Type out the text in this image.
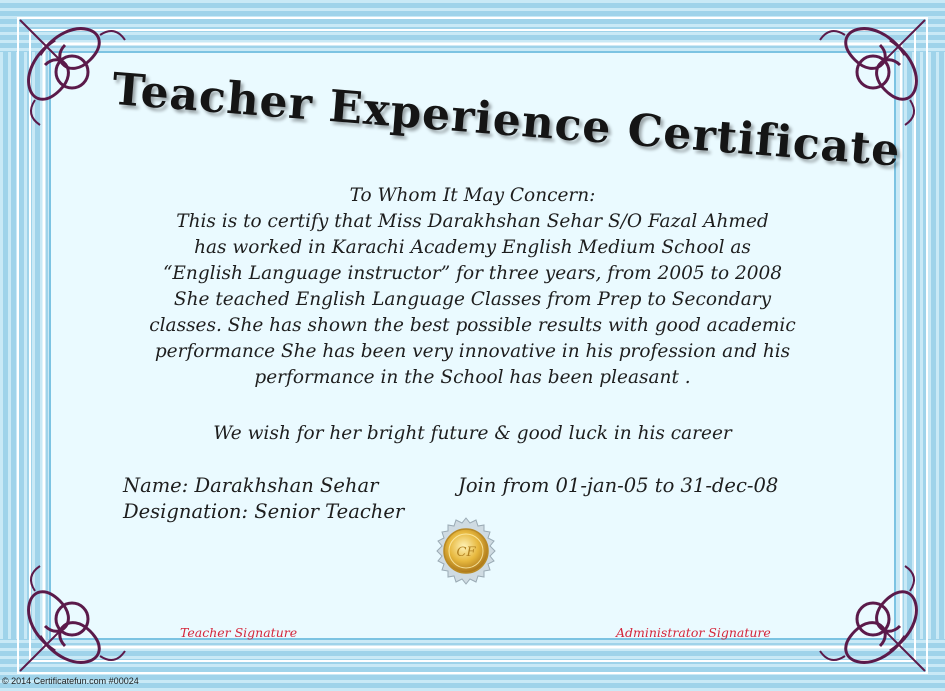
Teacher Experience Certificate
To Whom It May Concern:
This is to certify that Miss Darakhshan Sehar S/O Fazal Ahmed
has worked in Karachi Academy English Medium School as
“English Language instructor” for three years, from 2005 to 2008
She teached English Language Classes from Prep to Secondary
classes. She has shown the best possible results with good academic
performance She has been very innovative in his profession and his
performance in the School has been pleasant .
We wish for her bright future & good luck in his career
Name: Darakhshan Sehar
Designation: Senior Teacher
Join from 01-jan-05 to 31-dec-08
CF
Teacher Signature	Administrator Signature
© 2014 Certificatefun.com #00024
